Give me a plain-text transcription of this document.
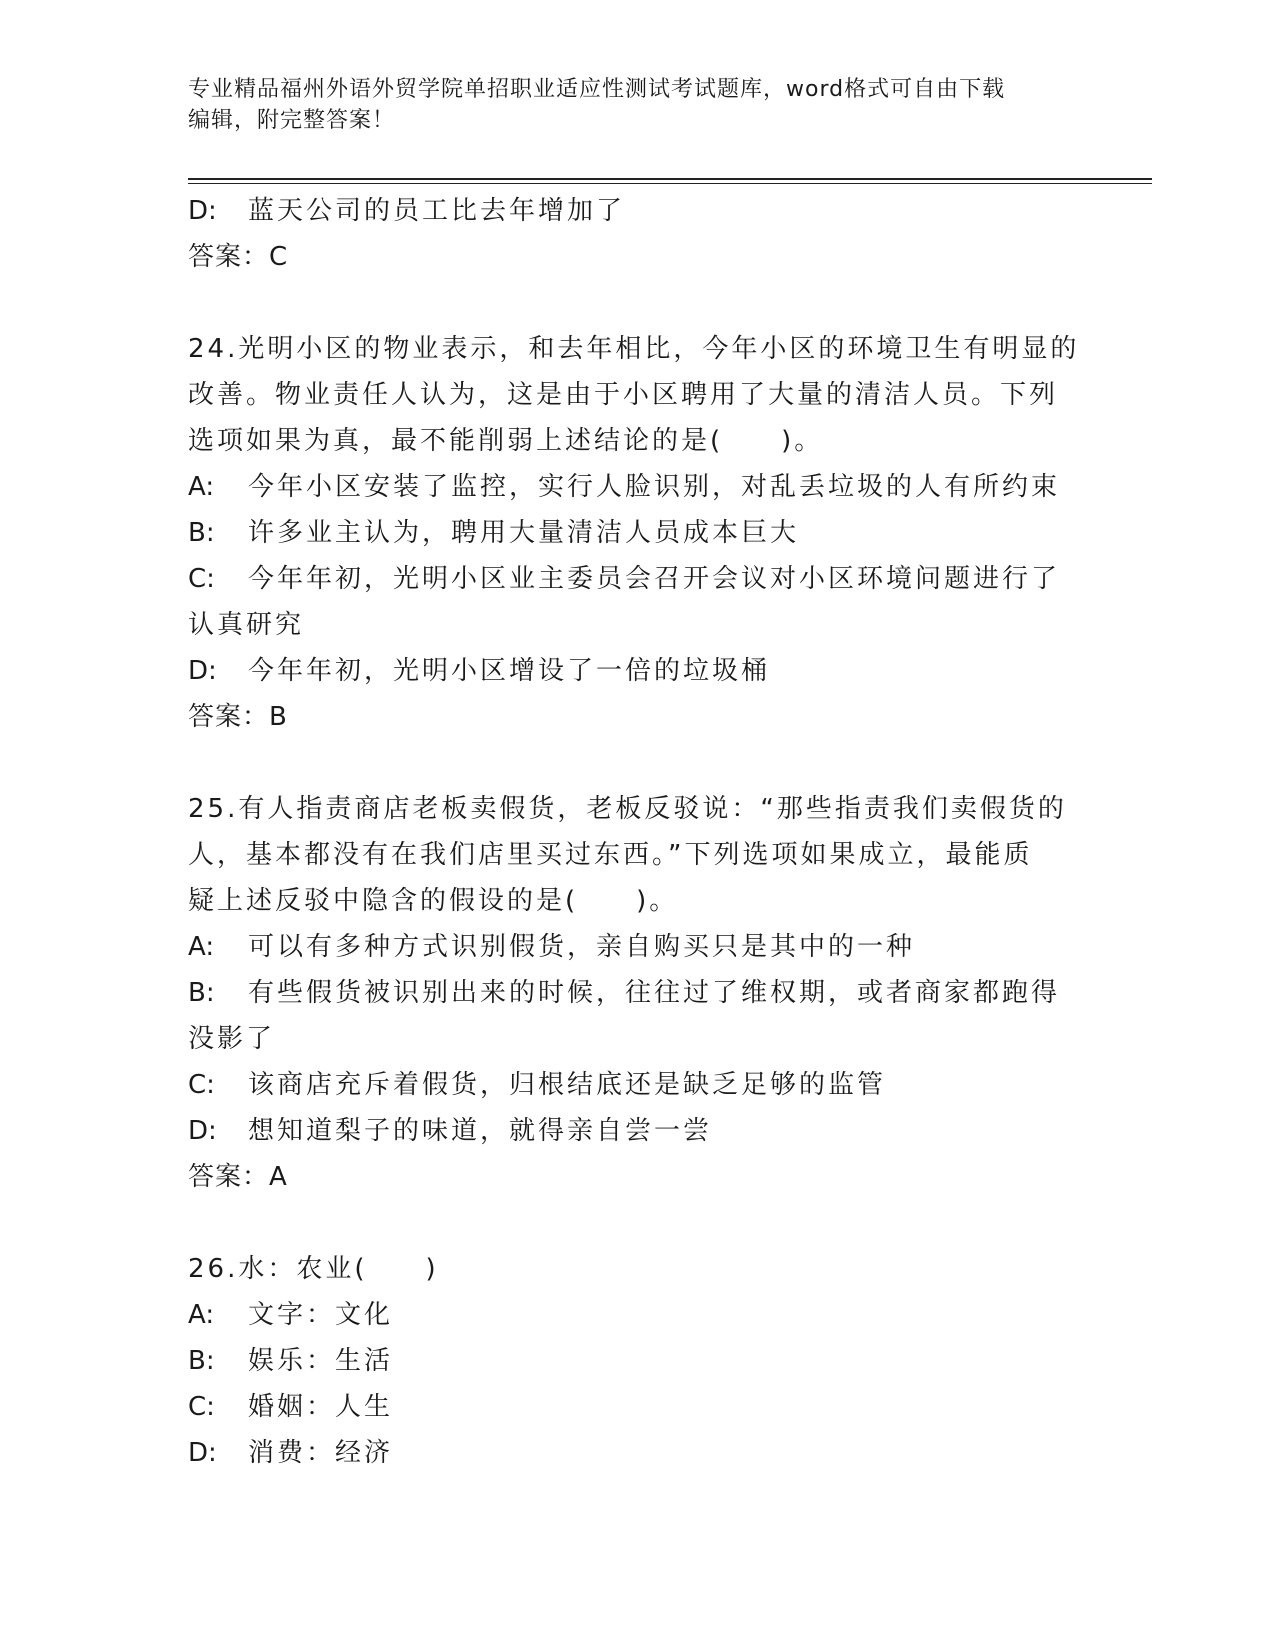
专业精品福州外语外贸学院单招职业适应性测试考试题库，word格式可自由下载
编辑，附完整答案！
D:	蓝天公司的员工比去年增加了
答案：C
24.光明小区的物业表示，和去年相比，今年小区的环境卫生有明显的
改善。物业责任人认为，这是由于小区聘用了大量的清洁人员。下列
选项如果为真，最不能削弱上述结论的是(　　)。
A:	今年小区安装了监控，实行人脸识别，对乱丢垃圾的人有所约束
B:	许多业主认为，聘用大量清洁人员成本巨大
C:	今年年初，光明小区业主委员会召开会议对小区环境问题进行了
认真研究
D:	今年年初，光明小区增设了一倍的垃圾桶
答案：B
25.有人指责商店老板卖假货，老板反驳说：“那些指责我们卖假货的
人，基本都没有在我们店里买过东西。”下列选项如果成立，最能质
疑上述反驳中隐含的假设的是(　　)。
A:	可以有多种方式识别假货，亲自购买只是其中的一种
B:	有些假货被识别出来的时候，往往过了维权期，或者商家都跑得
没影了
C:	该商店充斥着假货，归根结底还是缺乏足够的监管
D:	想知道梨子的味道，就得亲自尝一尝
答案：A
26.水：农业(　　)
A:	文字：文化
B:	娱乐：生活
C:	婚姻：人生
D:	消费：经济
